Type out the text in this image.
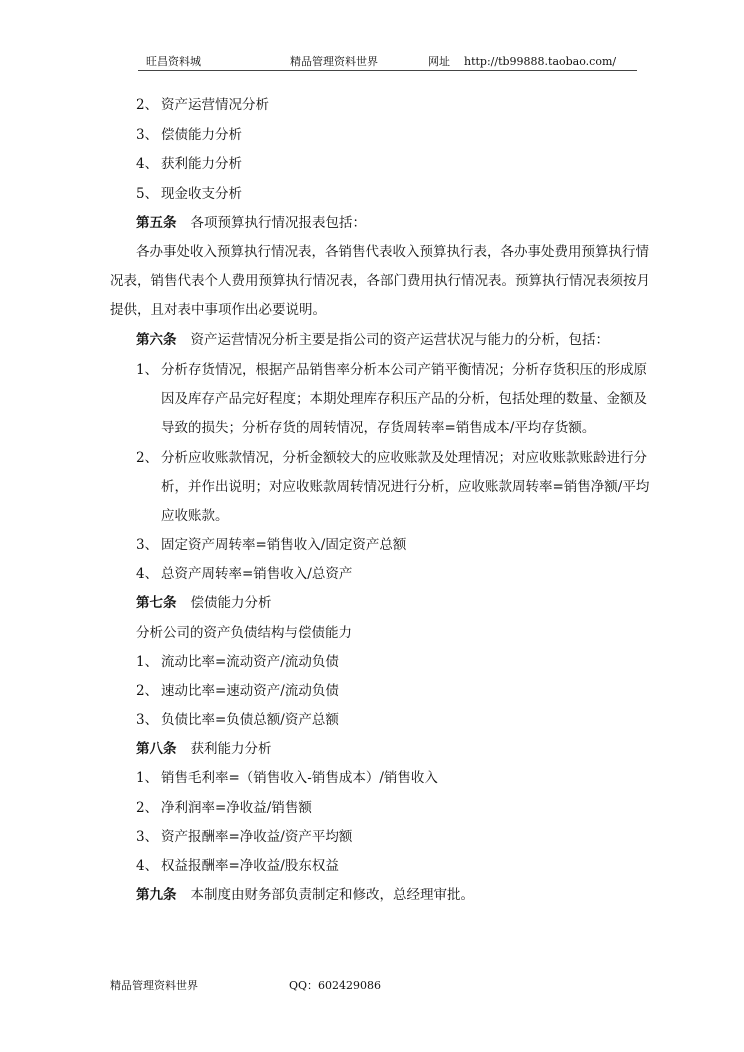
旺昌资料城	精品管理资料世界	网址 http://tb99888.taobao.com/
2、 资产运营情况分析
3、 偿债能力分析
4、 获利能力分析
5、 现金收支分析
第五条 各项预算执行情况报表包括：
各办事处收入预算执行情况表，各销售代表收入预算执行表，各办事处费用预算执行情
况表，销售代表个人费用预算执行情况表，各部门费用执行情况表。预算执行情况表须按月
提供，且对表中事项作出必要说明。
第六条 资产运营情况分析主要是指公司的资产运营状况与能力的分析，包括：
1、 分析存货情况，根据产品销售率分析本公司产销平衡情况；分析存货积压的形成原
因及库存产品完好程度；本期处理库存积压产品的分析，包括处理的数量、金额及
导致的损失；分析存货的周转情况，存货周转率=销售成本/平均存货额。
2、 分析应收账款情况，分析金额较大的应收账款及处理情况；对应收账款账龄进行分
析，并作出说明；对应收账款周转情况进行分析，应收账款周转率=销售净额/平均
应收账款。
3、 固定资产周转率=销售收入/固定资产总额
4、 总资产周转率=销售收入/总资产
第七条 偿债能力分析
分析公司的资产负债结构与偿债能力
1、 流动比率=流动资产/流动负债
2、 速动比率=速动资产/流动负债
3、 负债比率=负债总额/资产总额
第八条 获利能力分析
1、 销售毛利率=（销售收入-销售成本）/销售收入
2、 净利润率=净收益/销售额
3、 资产报酬率=净收益/资产平均额
4、 权益报酬率=净收益/股东权益
第九条 本制度由财务部负责制定和修改，总经理审批。
精品管理资料世界	QQ：602429086
